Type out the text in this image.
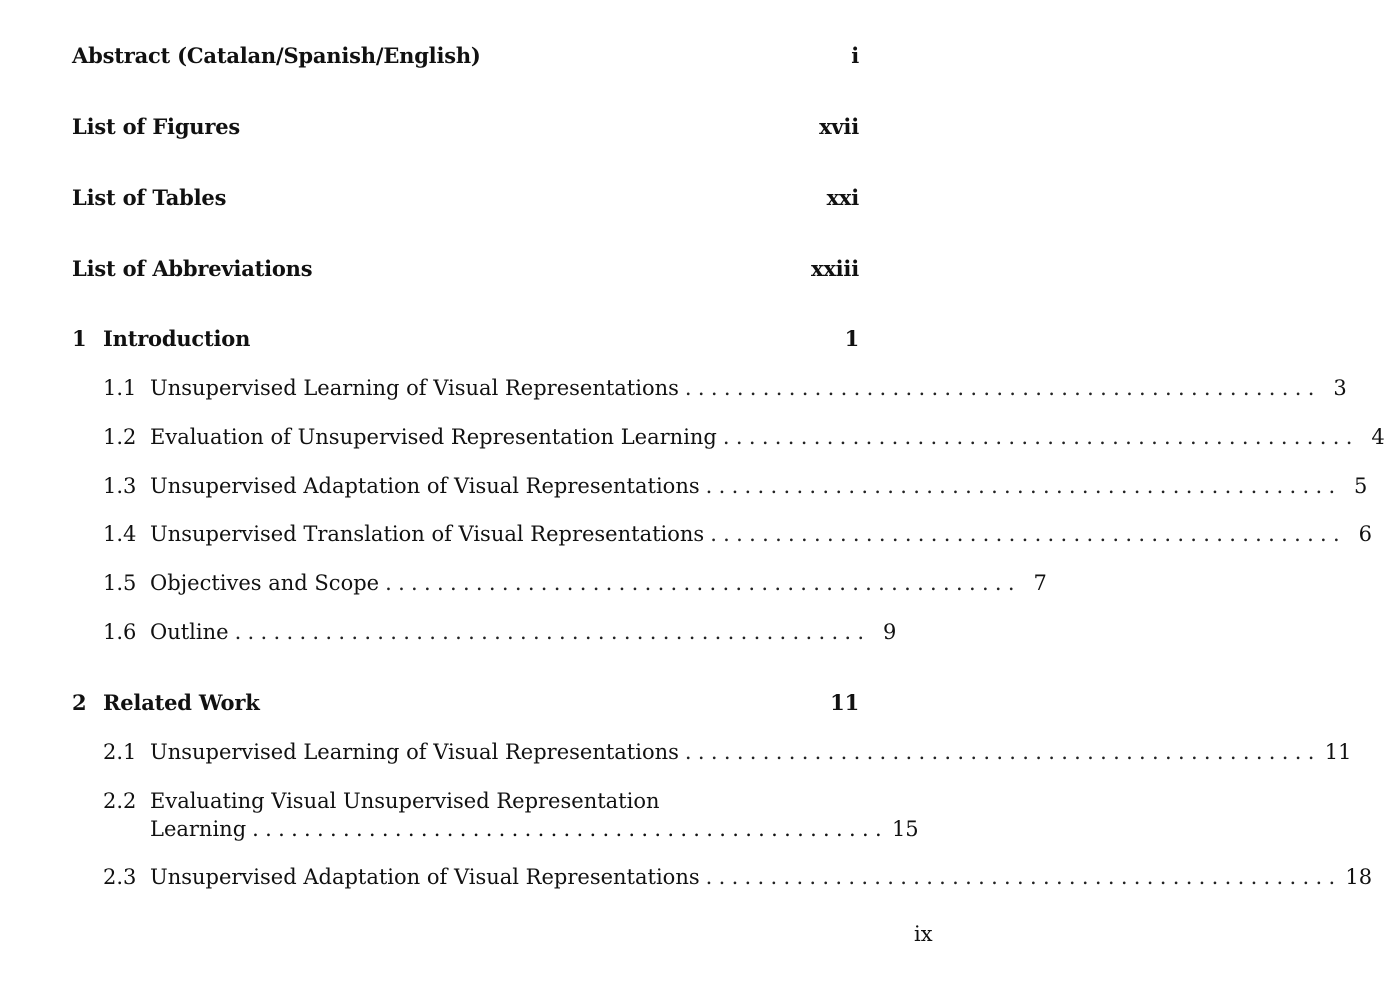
Abstract (Catalan/Spanish/English)	i
List of Figures	xvii
List of Tables	xxi
List of Abbreviations	xxiii
1 Introduction	1
1.1 Unsupervised Learning of Visual Representations ................................................. 3
1.2 Evaluation of Unsupervised Representation Learning ................................................. 4
1.3 Unsupervised Adaptation of Visual Representations ................................................. 5
1.4 Unsupervised Translation of Visual Representations ................................................. 6
1.5 Objectives and Scope ................................................. 7
1.6 Outline ................................................. 9
2 Related Work	11
2.1 Unsupervised Learning of Visual Representations ................................................. 11
2.2 Evaluating Visual Unsupervised Representation
Learning ................................................. 15
2.3 Unsupervised Adaptation of Visual Representations ................................................. 18
ix
